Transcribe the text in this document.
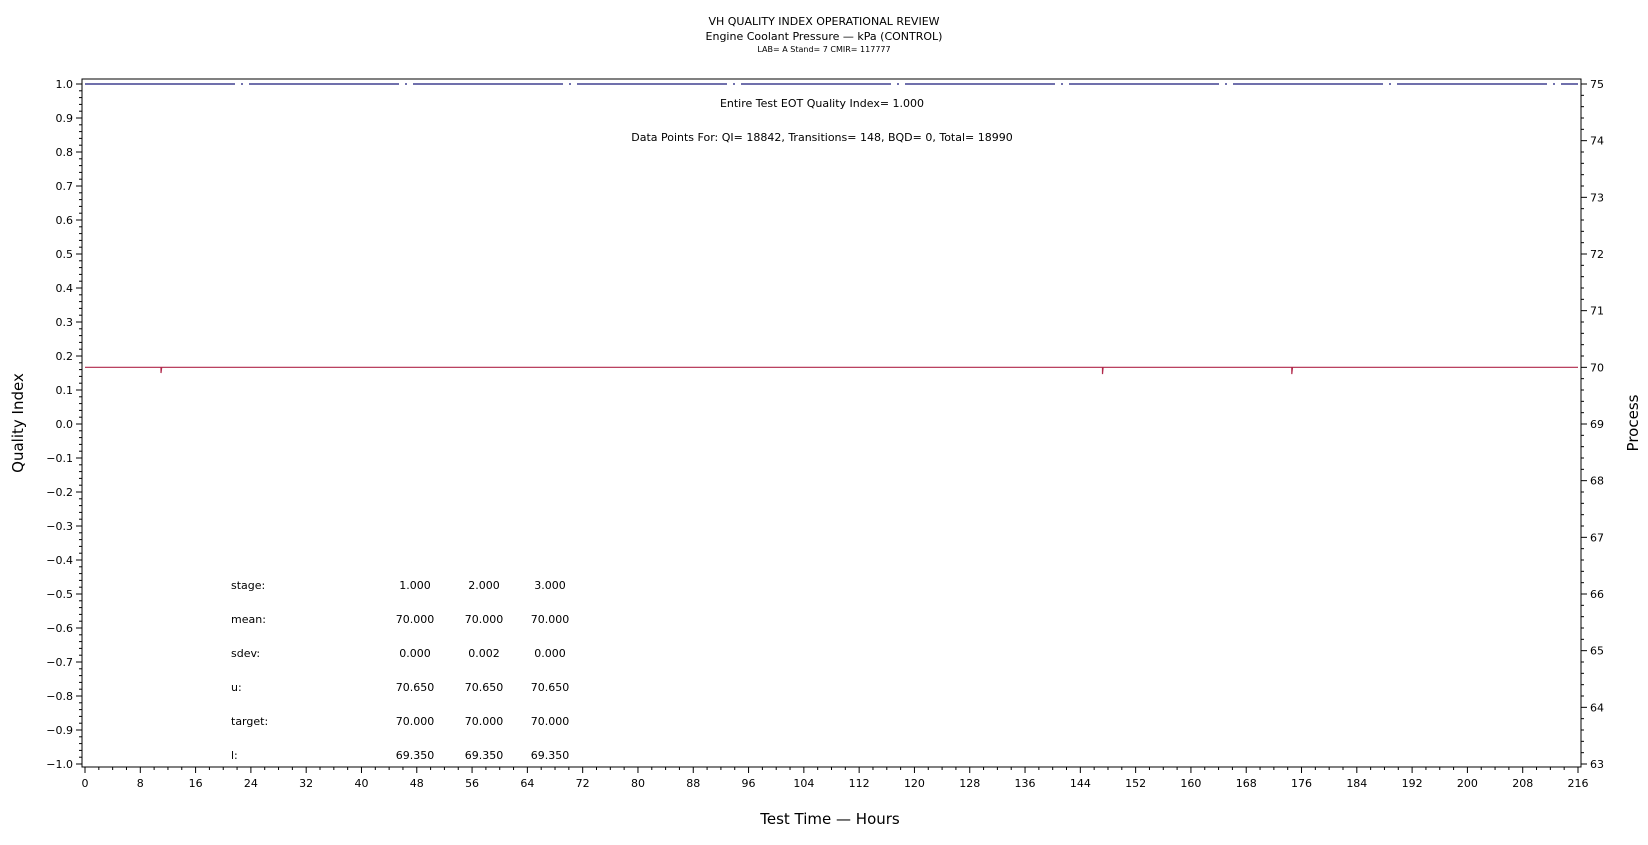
VH QUALITY INDEX OPERATIONAL REVIEW
Engine Coolant Pressure — kPa (CONTROL)
LAB= A Stand= 7 CMIR= 117777
1.0
0.9
0.8
0.7
0.6
0.5
0.4
0.3
0.2
0.1
0.0
−0.1
−0.2
−0.3
−0.4
−0.5
−0.6
−0.7
−0.8
−0.9
−1.0
75
74
73
72
71
70
69
68
67
66
65
64
63
0	8	16	24	32	40	48	56	64	72	80	88	96	104	112	120	128	136	144	152	160	168	176	184	192	200	208	216
Entire Test EOT Quality Index= 1.000
Data Points For: QI= 18842, Transitions= 148, BQD= 0, Total= 18990
Test Time — Hours
Quality Index	Process
stage:	1.000	2.000	3.000
mean:	70.000	70.000	70.000
sdev:	0.000	0.002	0.000
u:	70.650	70.650	70.650
target:	70.000	70.000	70.000
l:	69.350	69.350	69.350
